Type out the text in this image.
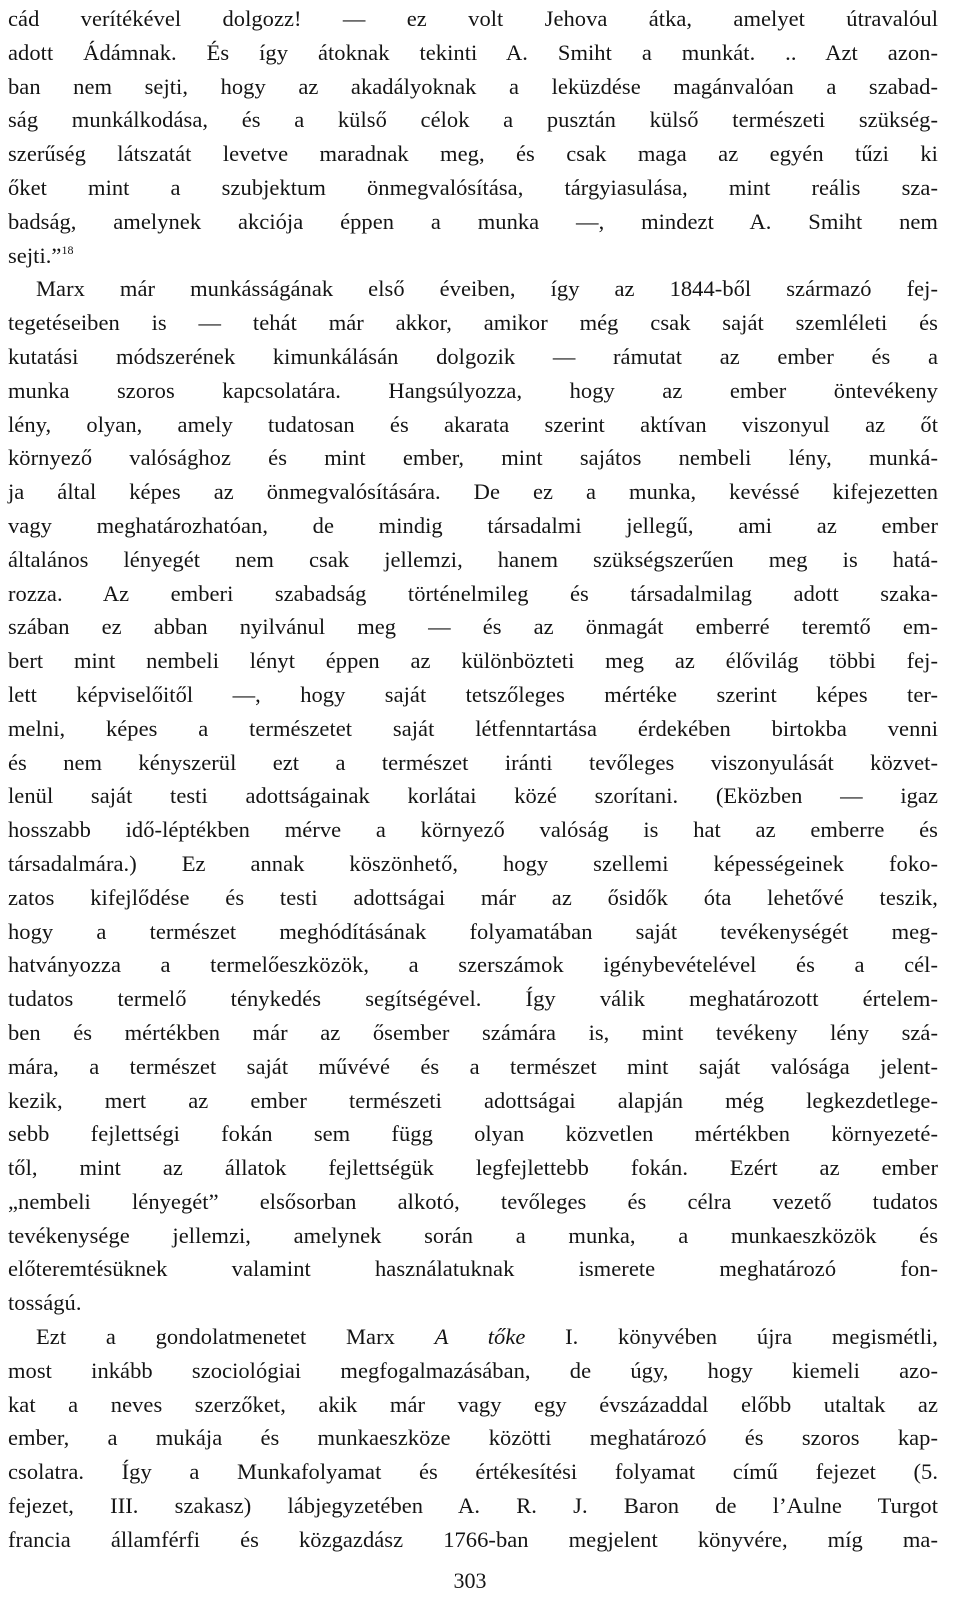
cád verítékével dolgozz! — ez volt Jehova átka, amelyet útravalóul
adott Ádámnak. És így átoknak tekinti A. Smiht a munkát. .. Azt azon-
ban nem sejti, hogy az akadályoknak a leküzdése magánvalóan a szabad-
ság munkálkodása, és a külső célok a pusztán külső természeti szükség-
szerűség látszatát levetve maradnak meg, és csak maga az egyén tűzi ki
őket mint a szubjektum önmegvalósítása, tárgyiasulása, mint reális sza-
badság, amelynek akciója éppen a munka —, mindezt A. Smiht nem
sejti.”$^{18}$
Marx már munkásságának első éveiben, így az 1844-ből származó fej-
tegetéseiben is — tehát már akkor, amikor még csak saját szemléleti és
kutatási módszerének kimunkálásán dolgozik — rámutat az ember és a
munka szoros kapcsolatára. Hangsúlyozza, hogy az ember öntevékeny
lény, olyan, amely tudatosan és akarata szerint aktívan viszonyul az őt
környező valósághoz és mint ember, mint sajátos nembeli lény, munká-
ja által képes az önmegvalósítására. De ez a munka, kevéssé kifejezetten
vagy meghatározhatóan, de mindig társadalmi jellegű, ami az ember
általános lényegét nem csak jellemzi, hanem szükségszerűen meg is hatá-
rozza. Az emberi szabadság történelmileg és társadalmilag adott szaka-
szában ez abban nyilvánul meg — és az önmagát emberré teremtő em-
bert mint nembeli lényt éppen az különbözteti meg az élővilág többi fej-
lett képviselőitől —, hogy saját tetszőleges mértéke szerint képes ter-
melni, képes a természetet saját létfenntartása érdekében birtokba venni
és nem kényszerül ezt a természet iránti tevőleges viszonyulását közvet-
lenül saját testi adottságainak korlátai közé szorítani. (Eközben — igaz
hosszabb idő-léptékben mérve a környező valóság is hat az emberre és
társadalmára.) Ez annak köszönhető, hogy szellemi képességeinek foko-
zatos kifejlődése és testi adottságai már az ősidők óta lehetővé teszik,
hogy a természet meghódításának folyamatában saját tevékenységét meg-
hatványozza a termelőeszközök, a szerszámok igénybevételével és a cél-
tudatos termelő ténykedés segítségével. Így válik meghatározott értelem-
ben és mértékben már az ősember számára is, mint tevékeny lény szá-
mára, a természet saját művévé és a természet mint saját valósága jelent-
kezik, mert az ember természeti adottságai alapján még legkezdetlege-
sebb fejlettségi fokán sem függ olyan közvetlen mértékben környezeté-
től, mint az állatok fejlettségük legfejlettebb fokán. Ezért az ember
„nembeli lényegét” elsősorban alkotó, tevőleges és célra vezető tudatos
tevékenysége jellemzi, amelynek során a munka, a munkaeszközök és
előteremtésüknek valamint használatuknak ismerete meghatározó fon-
tosságú.
Ezt a gondolatmenetet Marx A tőke I. könyvében újra megismétli,
most inkább szociológiai megfogalmazásában, de úgy, hogy kiemeli azo-
kat a neves szerzőket, akik már vagy egy évszázaddal előbb utaltak az
ember, a mukája és munkaeszköze közötti meghatározó és szoros kap-
csolatra. Így a Munkafolyamat és értékesítési folyamat című fejezet (5.
fejezet, III. szakasz) lábjegyzetében A. R. J. Baron de l’Aulne Turgot
francia államférfi és közgazdász 1766-ban megjelent könyvére, míg ma-
303
